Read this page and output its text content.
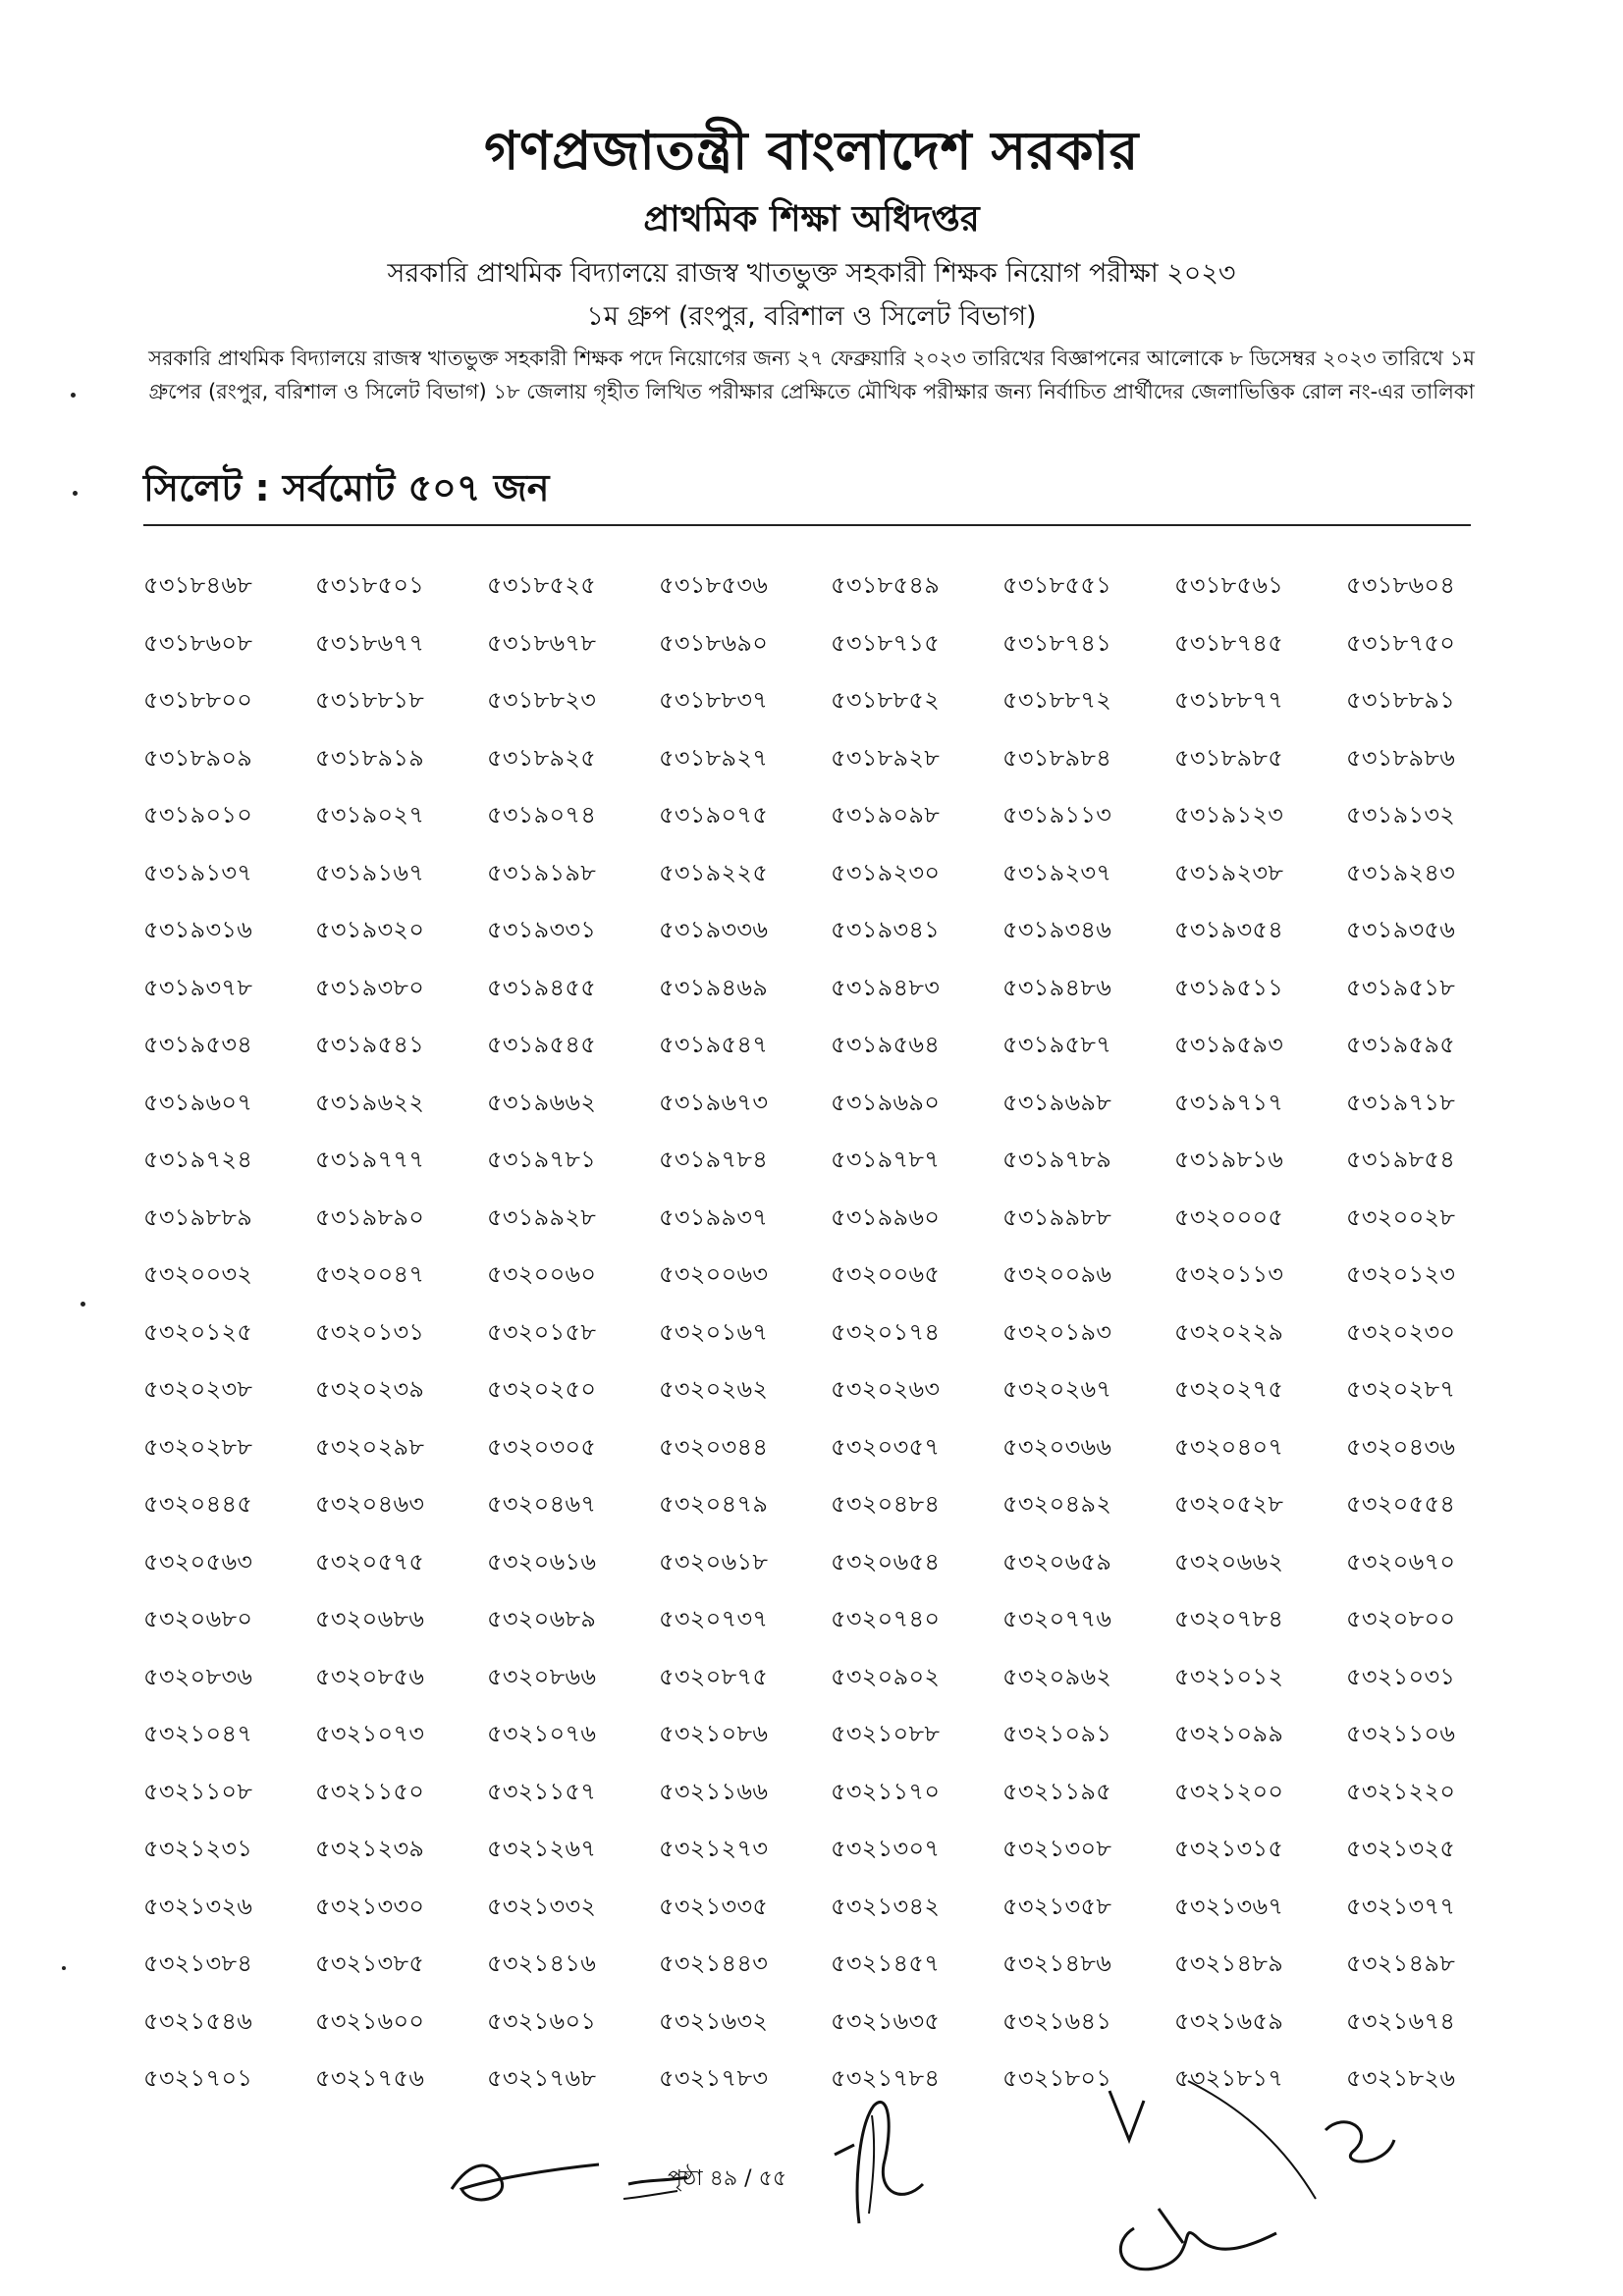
গণপ্রজাতন্ত্রী বাংলাদেশ সরকার
প্রাথমিক শিক্ষা অধিদপ্তর
সরকারি প্রাথমিক বিদ্যালয়ে রাজস্ব খাতভুক্ত সহকারী শিক্ষক নিয়োগ পরীক্ষা ২০২৩
১ম গ্রুপ (রংপুর, বরিশাল ও সিলেট বিভাগ)
সরকারি প্রাথমিক বিদ্যালয়ে রাজস্ব খাতভুক্ত সহকারী শিক্ষক পদে নিয়োগের জন্য ২৭ ফেব্রুয়ারি ২০২৩ তারিখের বিজ্ঞাপনের আলোকে ৮ ডিসেম্বর ২০২৩ তারিখে ১ম গ্রুপের (রংপুর, বরিশাল ও সিলেট বিভাগ) ১৮ জেলায় গৃহীত লিখিত পরীক্ষার প্রেক্ষিতে মৌখিক পরীক্ষার জন্য নির্বাচিত প্রার্থীদের জেলাভিত্তিক রোল নং-এর তালিকা
সিলেট : সর্বমোট ৫০৭ জন
৫৩১৮৪৬৮	৫৩১৮৫০১	৫৩১৮৫২৫	৫৩১৮৫৩৬	৫৩১৮৫৪৯	৫৩১৮৫৫১	৫৩১৮৫৬১	৫৩১৮৬০৪
৫৩১৮৬০৮	৫৩১৮৬৭৭	৫৩১৮৬৭৮	৫৩১৮৬৯০	৫৩১৮৭১৫	৫৩১৮৭৪১	৫৩১৮৭৪৫	৫৩১৮৭৫০
৫৩১৮৮০০	৫৩১৮৮১৮	৫৩১৮৮২৩	৫৩১৮৮৩৭	৫৩১৮৮৫২	৫৩১৮৮৭২	৫৩১৮৮৭৭	৫৩১৮৮৯১
৫৩১৮৯০৯	৫৩১৮৯১৯	৫৩১৮৯২৫	৫৩১৮৯২৭	৫৩১৮৯২৮	৫৩১৮৯৮৪	৫৩১৮৯৮৫	৫৩১৮৯৮৬
৫৩১৯০১০	৫৩১৯০২৭	৫৩১৯০৭৪	৫৩১৯০৭৫	৫৩১৯০৯৮	৫৩১৯১১৩	৫৩১৯১২৩	৫৩১৯১৩২
৫৩১৯১৩৭	৫৩১৯১৬৭	৫৩১৯১৯৮	৫৩১৯২২৫	৫৩১৯২৩০	৫৩১৯২৩৭	৫৩১৯২৩৮	৫৩১৯২৪৩
৫৩১৯৩১৬	৫৩১৯৩২০	৫৩১৯৩৩১	৫৩১৯৩৩৬	৫৩১৯৩৪১	৫৩১৯৩৪৬	৫৩১৯৩৫৪	৫৩১৯৩৫৬
৫৩১৯৩৭৮	৫৩১৯৩৮০	৫৩১৯৪৫৫	৫৩১৯৪৬৯	৫৩১৯৪৮৩	৫৩১৯৪৮৬	৫৩১৯৫১১	৫৩১৯৫১৮
৫৩১৯৫৩৪	৫৩১৯৫৪১	৫৩১৯৫৪৫	৫৩১৯৫৪৭	৫৩১৯৫৬৪	৫৩১৯৫৮৭	৫৩১৯৫৯৩	৫৩১৯৫৯৫
৫৩১৯৬০৭	৫৩১৯৬২২	৫৩১৯৬৬২	৫৩১৯৬৭৩	৫৩১৯৬৯০	৫৩১৯৬৯৮	৫৩১৯৭১৭	৫৩১৯৭১৮
৫৩১৯৭২৪	৫৩১৯৭৭৭	৫৩১৯৭৮১	৫৩১৯৭৮৪	৫৩১৯৭৮৭	৫৩১৯৭৮৯	৫৩১৯৮১৬	৫৩১৯৮৫৪
৫৩১৯৮৮৯	৫৩১৯৮৯০	৫৩১৯৯২৮	৫৩১৯৯৩৭	৫৩১৯৯৬০	৫৩১৯৯৮৮	৫৩২০০০৫	৫৩২০০২৮
৫৩২০০৩২	৫৩২০০৪৭	৫৩২০০৬০	৫৩২০০৬৩	৫৩২০০৬৫	৫৩২০০৯৬	৫৩২০১১৩	৫৩২০১২৩
৫৩২০১২৫	৫৩২০১৩১	৫৩২০১৫৮	৫৩২০১৬৭	৫৩২০১৭৪	৫৩২০১৯৩	৫৩২০২২৯	৫৩২০২৩০
৫৩২০২৩৮	৫৩২০২৩৯	৫৩২০২৫০	৫৩২০২৬২	৫৩২০২৬৩	৫৩২০২৬৭	৫৩২০২৭৫	৫৩২০২৮৭
৫৩২০২৮৮	৫৩২০২৯৮	৫৩২০৩০৫	৫৩২০৩৪৪	৫৩২০৩৫৭	৫৩২০৩৬৬	৫৩২০৪০৭	৫৩২০৪৩৬
৫৩২০৪৪৫	৫৩২০৪৬৩	৫৩২০৪৬৭	৫৩২০৪৭৯	৫৩২০৪৮৪	৫৩২০৪৯২	৫৩২০৫২৮	৫৩২০৫৫৪
৫৩২০৫৬৩	৫৩২০৫৭৫	৫৩২০৬১৬	৫৩২০৬১৮	৫৩২০৬৫৪	৫৩২০৬৫৯	৫৩২০৬৬২	৫৩২০৬৭০
৫৩২০৬৮০	৫৩২০৬৮৬	৫৩২০৬৮৯	৫৩২০৭৩৭	৫৩২০৭৪০	৫৩২০৭৭৬	৫৩২০৭৮৪	৫৩২০৮০০
৫৩২০৮৩৬	৫৩২০৮৫৬	৫৩২০৮৬৬	৫৩২০৮৭৫	৫৩২০৯০২	৫৩২০৯৬২	৫৩২১০১২	৫৩২১০৩১
৫৩২১০৪৭	৫৩২১০৭৩	৫৩২১০৭৬	৫৩২১০৮৬	৫৩২১০৮৮	৫৩২১০৯১	৫৩২১০৯৯	৫৩২১১০৬
৫৩২১১০৮	৫৩২১১৫০	৫৩২১১৫৭	৫৩২১১৬৬	৫৩২১১৭০	৫৩২১১৯৫	৫৩২১২০০	৫৩২১২২০
৫৩২১২৩১	৫৩২১২৩৯	৫৩২১২৬৭	৫৩২১২৭৩	৫৩২১৩০৭	৫৩২১৩০৮	৫৩২১৩১৫	৫৩২১৩২৫
৫৩২১৩২৬	৫৩২১৩৩০	৫৩২১৩৩২	৫৩২১৩৩৫	৫৩২১৩৪২	৫৩২১৩৫৮	৫৩২১৩৬৭	৫৩২১৩৭৭
৫৩২১৩৮৪	৫৩২১৩৮৫	৫৩২১৪১৬	৫৩২১৪৪৩	৫৩২১৪৫৭	৫৩২১৪৮৬	৫৩২১৪৮৯	৫৩২১৪৯৮
৫৩২১৫৪৬	৫৩২১৬০০	৫৩২১৬০১	৫৩২১৬৩২	৫৩২১৬৩৫	৫৩২১৬৪১	৫৩২১৬৫৯	৫৩২১৬৭৪
৫৩২১৭০১	৫৩২১৭৫৬	৫৩২১৭৬৮	৫৩২১৭৮৩	৫৩২১৭৮৪	৫৩২১৮০১	৫৩২১৮১৭	৫৩২১৮২৬
পৃষ্ঠা ৪৯ / ৫৫
